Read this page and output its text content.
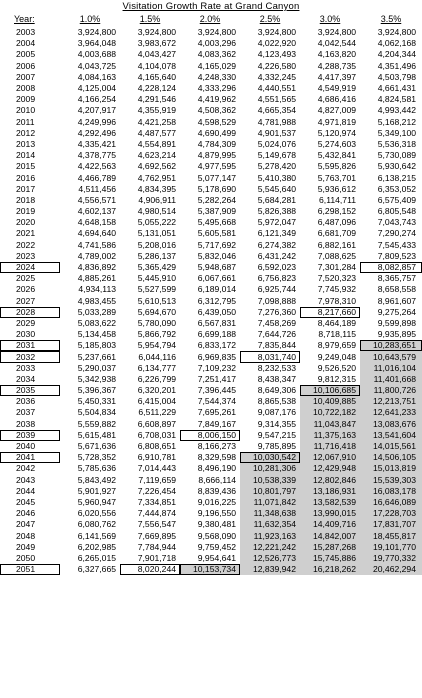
Visitation Growth Rate at Grand Canyon
Year:	1.0%	1.5%	2.0%	2.5%	3.0%	3.5%
2003	3,924,800	3,924,800	3,924,800	3,924,800	3,924,800	3,924,800
2004	3,964,048	3,983,672	4,003,296	4,022,920	4,042,544	4,062,168
2005	4,003,688	4,043,427	4,083,362	4,123,493	4,163,820	4,204,344
2006	4,043,725	4,104,078	4,165,029	4,226,580	4,288,735	4,351,496
2007	4,084,163	4,165,640	4,248,330	4,332,245	4,417,397	4,503,798
2008	4,125,004	4,228,124	4,333,296	4,440,551	4,549,919	4,661,431
2009	4,166,254	4,291,546	4,419,962	4,551,565	4,686,416	4,824,581
2010	4,207,917	4,355,919	4,508,362	4,665,354	4,827,009	4,993,442
2011	4,249,996	4,421,258	4,598,529	4,781,988	4,971,819	5,168,212
2012	4,292,496	4,487,577	4,690,499	4,901,537	5,120,974	5,349,100
2013	4,335,421	4,554,891	4,784,309	5,024,076	5,274,603	5,536,318
2014	4,378,775	4,623,214	4,879,995	5,149,678	5,432,841	5,730,089
2015	4,422,563	4,692,562	4,977,595	5,278,420	5,595,826	5,930,642
2016	4,466,789	4,762,951	5,077,147	5,410,380	5,763,701	6,138,215
2017	4,511,456	4,834,395	5,178,690	5,545,640	5,936,612	6,353,052
2018	4,556,571	4,906,911	5,282,264	5,684,281	6,114,711	6,575,409
2019	4,602,137	4,980,514	5,387,909	5,826,388	6,298,152	6,805,548
2020	4,648,158	5,055,222	5,495,668	5,972,047	6,487,096	7,043,743
2021	4,694,640	5,131,051	5,605,581	6,121,349	6,681,709	7,290,274
2022	4,741,586	5,208,016	5,717,692	6,274,382	6,882,161	7,545,433
2023	4,789,002	5,286,137	5,832,046	6,431,242	7,088,625	7,809,523
2024	4,836,892	5,365,429	5,948,687	6,592,023	7,301,284	8,082,857
2025	4,885,261	5,445,910	6,067,661	6,756,823	7,520,323	8,365,757
2026	4,934,113	5,527,599	6,189,014	6,925,744	7,745,932	8,658,558
2027	4,983,455	5,610,513	6,312,795	7,098,888	7,978,310	8,961,607
2028	5,033,289	5,694,670	6,439,050	7,276,360	8,217,660	9,275,264
2029	5,083,622	5,780,090	6,567,831	7,458,269	8,464,189	9,599,898
2030	5,134,458	5,866,792	6,699,188	7,644,726	8,718,115	9,935,895
2031	5,185,803	5,954,794	6,833,172	7,835,844	8,979,659	10,283,651
2032	5,237,661	6,044,116	6,969,835	8,031,740	9,249,048	10,643,579
2033	5,290,037	6,134,777	7,109,232	8,232,533	9,526,520	11,016,104
2034	5,342,938	6,226,799	7,251,417	8,438,347	9,812,315	11,401,668
2035	5,396,367	6,320,201	7,396,445	8,649,306	10,106,685	11,800,726
2036	5,450,331	6,415,004	7,544,374	8,865,538	10,409,885	12,213,751
2037	5,504,834	6,511,229	7,695,261	9,087,176	10,722,182	12,641,233
2038	5,559,882	6,608,897	7,849,167	9,314,355	11,043,847	13,083,676
2039	5,615,481	6,708,031	8,006,150	9,547,215	11,375,163	13,541,604
2040	5,671,636	6,808,651	8,166,273	9,785,895	11,716,418	14,015,561
2041	5,728,352	6,910,781	8,329,598	10,030,542	12,067,910	14,506,105
2042	5,785,636	7,014,443	8,496,190	10,281,306	12,429,948	15,013,819
2043	5,843,492	7,119,659	8,666,114	10,538,339	12,802,846	15,539,303
2044	5,901,927	7,226,454	8,839,436	10,801,797	13,186,931	16,083,178
2045	5,960,947	7,334,851	9,016,225	11,071,842	13,582,539	16,646,089
2046	6,020,556	7,444,874	9,196,550	11,348,638	13,990,015	17,228,703
2047	6,080,762	7,556,547	9,380,481	11,632,354	14,409,716	17,831,707
2048	6,141,569	7,669,895	9,568,090	11,923,163	14,842,007	18,455,817
2049	6,202,985	7,784,944	9,759,452	12,221,242	15,287,268	19,101,770
2050	6,265,015	7,901,718	9,954,641	12,526,773	15,745,886	19,770,332
2051	6,327,665	8,020,244	10,153,734	12,839,942	16,218,262	20,462,294
